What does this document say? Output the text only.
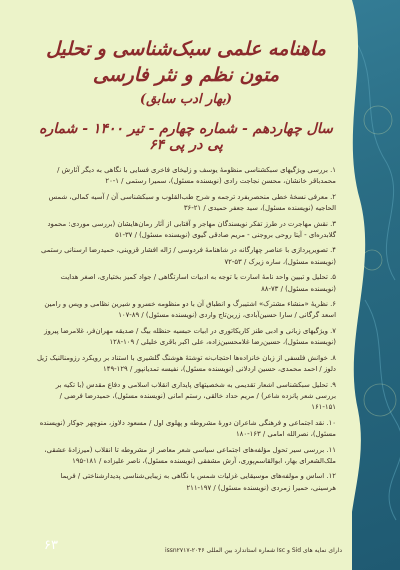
ماهنامه علمی سبک‌شناسی و تحلیل متون نظم و نثر فارسی
(بهار ادب سابق)
سال چهاردهم - شماره چهارم - تیر ۱۴۰۰ - شماره پی در پی ۶۴

۱. بررسی ویژگیهای سبکشناسی منظومهٔ یوسف و زلیخای فاخری فسایی با نگاهی به دیگر آثارش / محمدباقر خانشان، محسن نجاجت رادی (نویسنده مسئول)، سمیرا رستمی / ۱-۲۰

۲. معرفی نسخهٔ خطی منحصربفرد ترجمه و شرح طب‌القلوب و سبکشناسی آن / آسیه کمالی، شمس الحاجیه (نویسنده مسئول)، سید جعفر حمیدی / ۲۱-۳۶

۳. نقش مهاجرت در طرز تفکر نویسندگان مهاجر و آفتابی از آثار رمان‌هایشان (بررسی موردی: محمود گلابدره‌ای - آیتا روحی بروجنی - مریم صادقی گیوی (نویسنده مسئول) / ۳۷-۵۱

۴. تصویرپردازی با عناصر چهارگانه در شاهنامهٔ فردوسی / ژاله افشار قزوینی، حمیدرضا ارسنانی رستمی (نویسنده مسئول)، ساره زیرک / ۵۳-۷۲

۵. تحلیل و تبیین واحد نامهٔ اسارت با توجه به ادبیات اسارتگاهی / جواد کمیز بختیاری، اصغر هدایت (نویسنده مسئول) / ۷۳-۸۸

۶. نظریهٔ «منشاء مشترک» اشتیبرگ و انطباق آن با دو منظومه خسرو و شیرین نظامی و ویس و رامین اسعد گرگانی / سارا حسین‌آبادی، زرین‌تاج واردی (نویسنده مسئول) / ۸۹-۱۰۷

۷. ویژگیهای زبانی و ادبی طنز کاریکاتوری در ابیات حبسیه حنظله بیگ / صدیقه مهران‌فر، غلامرضا پیروز (نویسنده مسئول)، حسین‌رضا غلامحسین‌زاده، علی اکبر باقری خلیلی / ۱۰۹-۱۲۸

۸. خوانش فلسفی از زبان خانزاده‌ها احتجاب‌نه توشتهٔ هوشنگ گلشیری با استناد بر رویکرد رزومنالنیک ژیل دلوز / احمد محمدی، حسین اردلانی (نویسنده مسئول)، نفیسه تمدیانپور / ۱۲۹-۱۴۹

۹. تحلیل سبکشناسی اشعار تقدیمی به شخصیتهای پایداری انقلاب اسلامی و دفاع مقدس (با تکیه بر بررسی شعر پانزده شاعر) / مریم حداد خالقی، رستم امانی (نویسنده مسئول)، حمیدرضا فرضی / ۱۵۱-۱۶۱

۱۰. نقد اجتماعی و فرهنگی شاعران دورهٔ مشروطه و پهلوی اول / مسعود دلاوز، منوچهر جوکار (نویسنده مسئول)، نصرالله امامی / ۱۶۳-۱۸۰

۱۱. بررسی سیر تحول مؤلفه‌های اجتماعی سیاسی شعر معاصر از مشروطه تا انقلاب (میرزادهٔ عشقی، ملک‌الشعرای بهار، ابوالقاسم‌پوری، آرش مشفقی (نویسنده مسئول)، ناصر علیزاده / ۱۸۱-۱۹۵

۱۲. اساس و مولفه‌های موسیقایی غزلیات شمس با نگاهی به زیبایی‌شناسی پدیدارشناختی / فریما هرسینی، حمیرا زمردی (نویسنده مسئول) / ۱۹۷-۲۱۱

دارای نمایه های Sid و Isc شماره استاندارد بین المللی issn۲۷۱۷-۲۰۴۶
۶۳
